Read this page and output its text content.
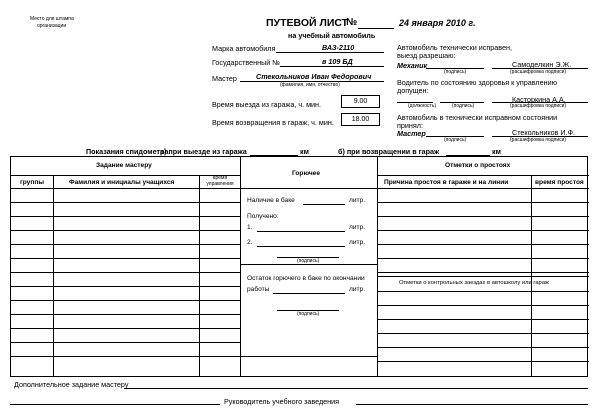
Место для штампа
организации	ПУТЕВОЙ ЛИСТ
№	24 января 2010 г.
на учебный автомобиль
Марка автомобиля	ВАЗ-2110
Государственный №	в 109 БД
Мастер	Стекольников Иван Федорович
(фамилия, имя, отчество)
Время выезда из гаража, ч. мин.	9.00
Время возвращения в гараж, ч. мин.	18.00
Автомобиль технически исправен,
выезд разрешаю:
Механик
(подпись)
Самоделкин Э.Ж.
(расшифровка подписи)
Водитель по состоянию здоровья к управлению
допущен:
Касторкина А.А.
(должность)	(подпись)	(расшифровка подписи)
Автомобиль в технически исправном состоянии
принял:
Мастер
(подпись)
Стекольников И.Ф.
(расшифровка подписи)
Показания спидометра:
а) при выезде из гаража	км	б) при возвращении в гараж	км
Задание мастеру
группы	Фамилия и инициалы учащихся
время управления
Горючее
Отметки о простоях
Причина простоя в гараже и на линии	время простоя
Наличие в баке	литр.
Получено:
1.	литр.
2.	литр.
(подпись)
Остаток горючего в баке по окончании
работы	литр.
(подпись)
Отметки о контрольных заездах в автошколу или гараж
Дополнительное задание мастеру
Руководитель учебного заведения
